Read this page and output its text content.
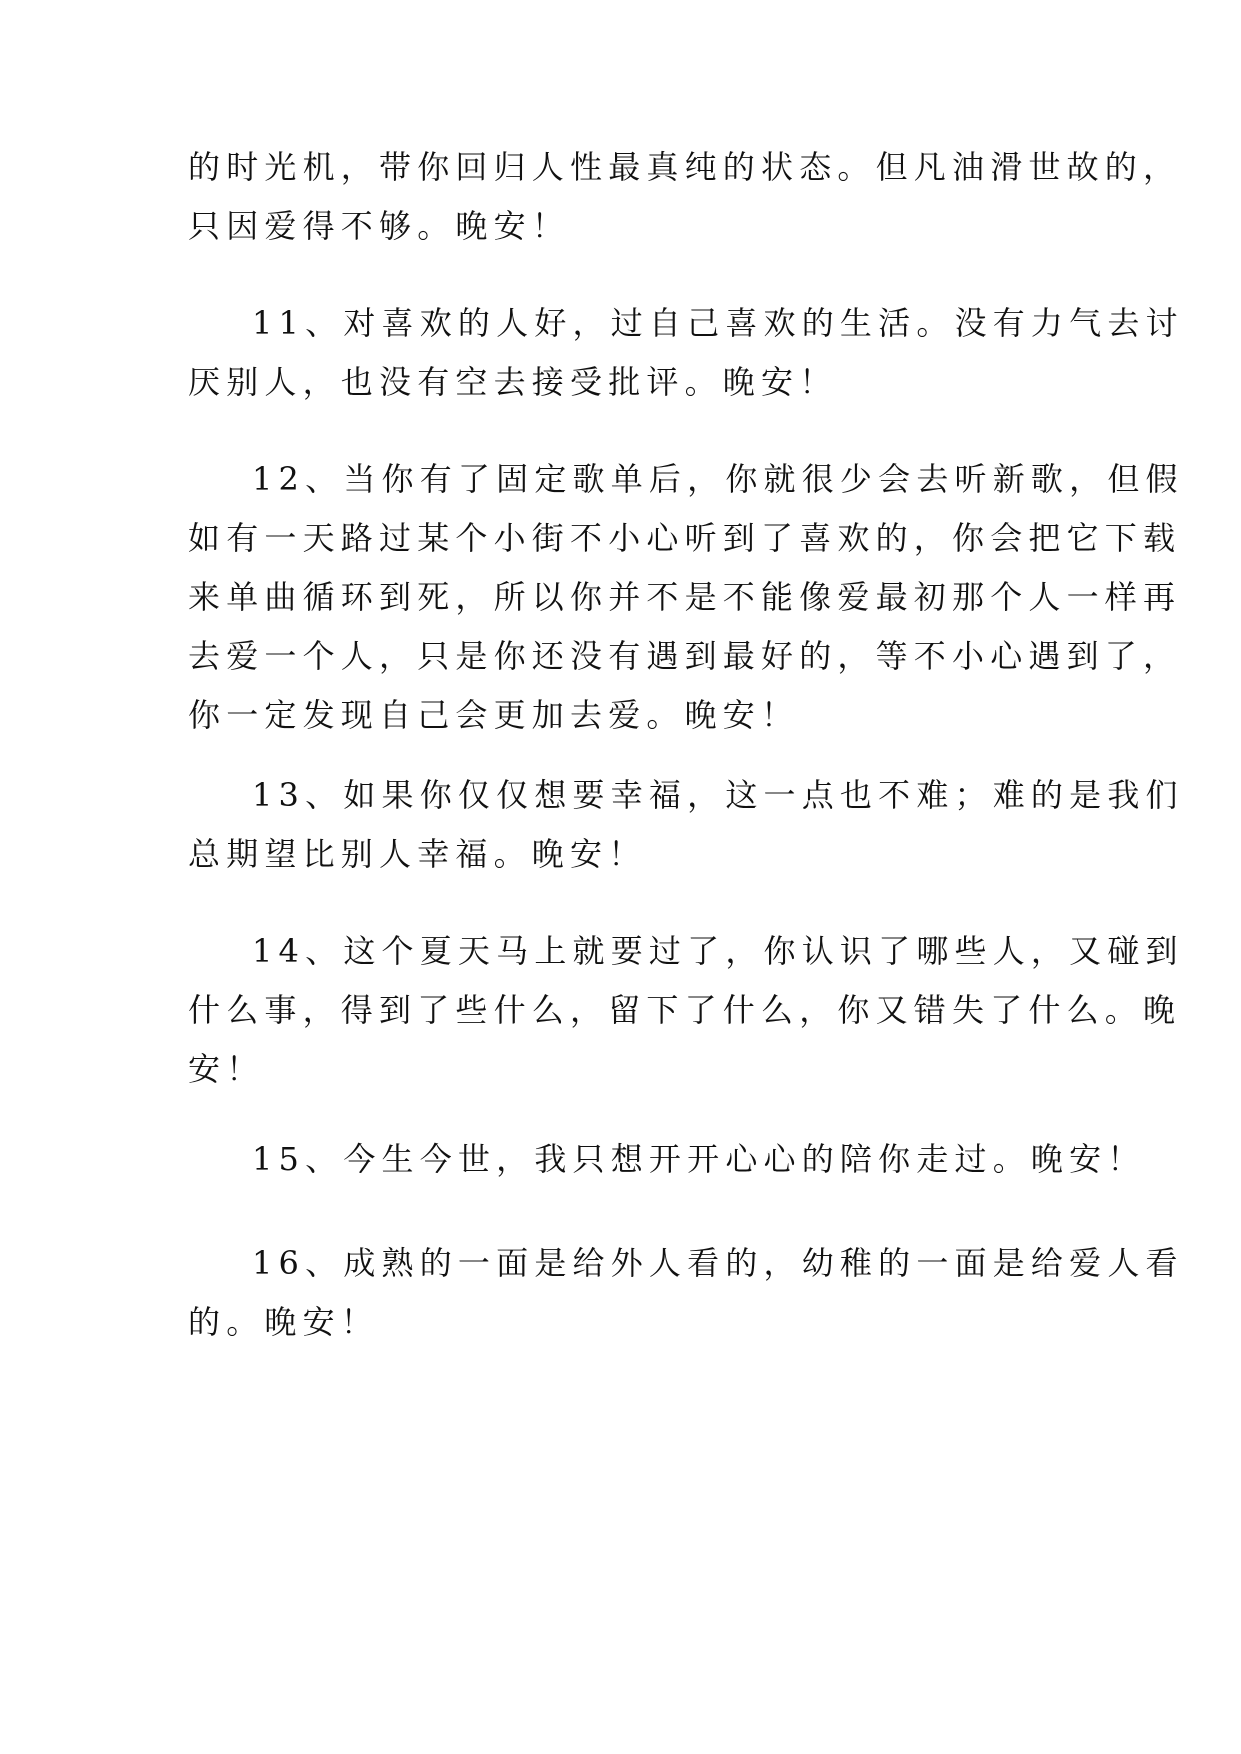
的时光机，带你回归人性最真纯的状态。但凡油滑世故的，
只因爱得不够。晚安！

11、对喜欢的人好，过自己喜欢的生活。没有力气去讨
厌别人，也没有空去接受批评。晚安！

12、当你有了固定歌单后，你就很少会去听新歌，但假
如有一天路过某个小街不小心听到了喜欢的，你会把它下载
来单曲循环到死，所以你并不是不能像爱最初那个人一样再
去爱一个人，只是你还没有遇到最好的，等不小心遇到了，
你一定发现自己会更加去爱。晚安！

13、如果你仅仅想要幸福，这一点也不难；难的是我们
总期望比别人幸福。晚安！

14、这个夏天马上就要过了，你认识了哪些人，又碰到
什么事，得到了些什么，留下了什么，你又错失了什么。晚
安！

15、今生今世，我只想开开心心的陪你走过。晚安！

16、成熟的一面是给外人看的，幼稚的一面是给爱人看
的。晚安！
